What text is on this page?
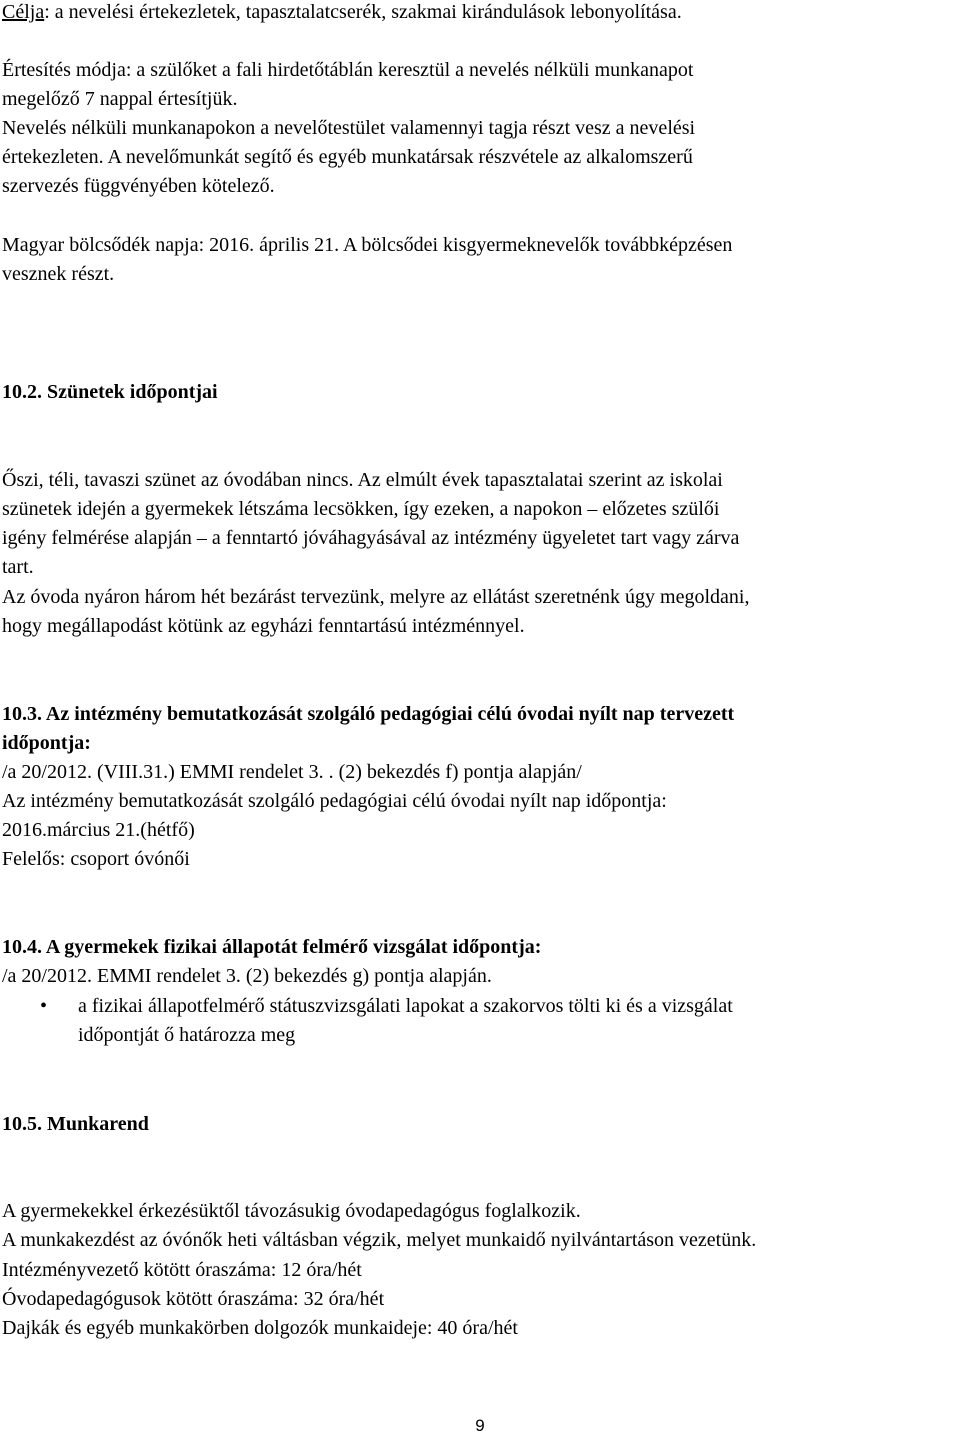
Célja: a nevelési értekezletek, tapasztalatcserék, szakmai kirándulások lebonyolítása.
Értesítés módja: a szülőket a fali hirdetőtáblán keresztül a nevelés nélküli munkanapot
megelőző 7 nappal értesítjük.
Nevelés nélküli munkanapokon a nevelőtestület valamennyi tagja részt vesz a nevelési
értekezleten. A nevelőmunkát segítő és egyéb munkatársak részvétele az alkalomszerű
szervezés függvényében kötelező.
Magyar bölcsődék napja: 2016. április 21. A bölcsődei kisgyermeknevelők továbbképzésen
vesznek részt.
10.2. Szünetek időpontjai
Őszi, téli, tavaszi szünet az óvodában nincs. Az elmúlt évek tapasztalatai szerint az iskolai
szünetek idején a gyermekek létszáma lecsökken, így ezeken, a napokon – előzetes szülői
igény felmérése alapján – a fenntartó jóváhagyásával az intézmény ügyeletet tart vagy zárva
tart.
Az óvoda nyáron három hét bezárást tervezünk, melyre az ellátást szeretnénk úgy megoldani,
hogy megállapodást kötünk az egyházi fenntartású intézménnyel.
10.3. Az intézmény bemutatkozását szolgáló pedagógiai célú óvodai nyílt nap tervezett
időpontja:
/a 20/2012. (VIII.31.) EMMI rendelet 3. . (2) bekezdés f) pontja alapján/
Az intézmény bemutatkozását szolgáló pedagógiai célú óvodai nyílt nap időpontja:
2016.március 21.(hétfő)
Felelős: csoport óvónői
10.4. A gyermekek fizikai állapotát felmérő vizsgálat időpontja:
/a 20/2012. EMMI rendelet 3. (2) bekezdés g) pontja alapján.
• a fizikai állapotfelmérő státuszvizsgálati lapokat a szakorvos tölti ki és a vizsgálat
időpontját ő határozza meg
10.5. Munkarend
A gyermekekkel érkezésüktől távozásukig óvodapedagógus foglalkozik.
A munkakezdést az óvónők heti váltásban végzik, melyet munkaidő nyilvántartáson vezetünk.
Intézményvezető kötött óraszáma: 12 óra/hét
Óvodapedagógusok kötött óraszáma: 32 óra/hét
Dajkák és egyéb munkakörben dolgozók munkaideje: 40 óra/hét
9
